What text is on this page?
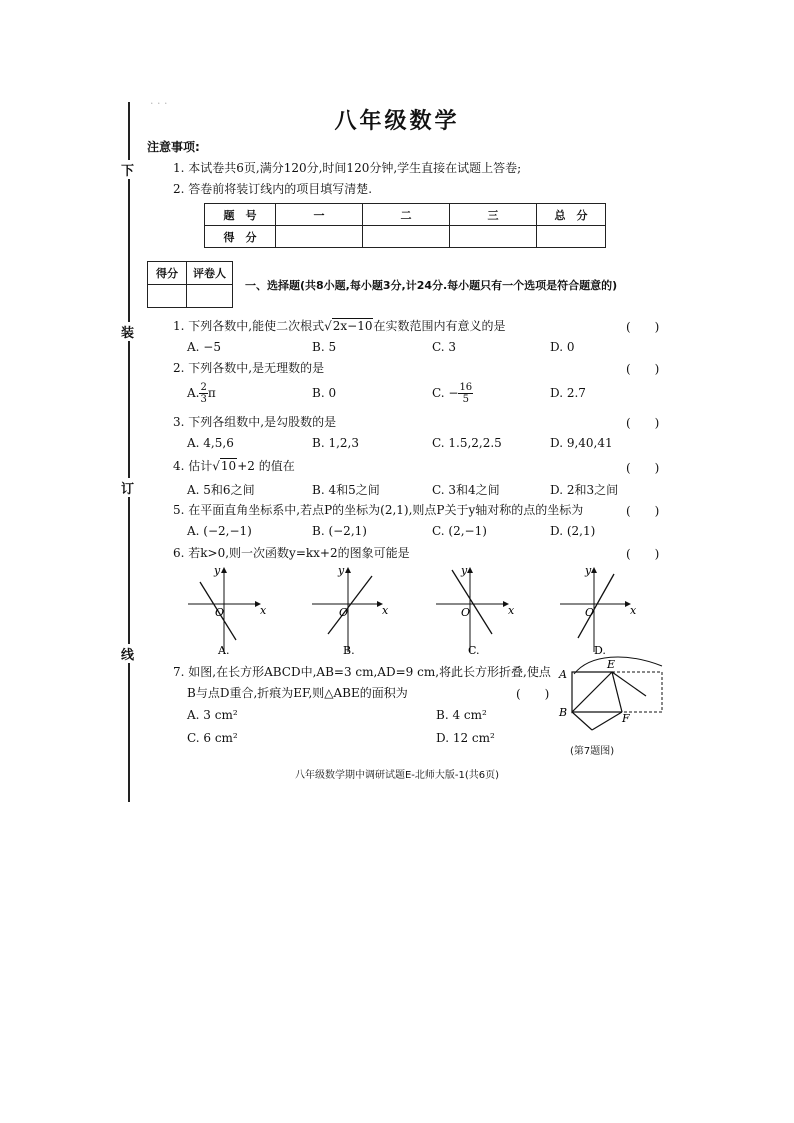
· · ·
下
装
订
线
八年级数学
注意事项:
1. 本试卷共6页,满分120分,时间120分钟,学生直接在试题上答卷;
2. 答卷前将装订线内的项目填写清楚.
题　号	一	二	三	总　分
得　分				
得分	评卷人

一、选择题(共8小题,每小题3分,计24分.每小题只有一个选项是符合题意的)
1. 下列各数中,能使二次根式√2x−10在实数范围内有意义的是	(　　)
A. −5	B. 5	C. 3	D. 0
2. 下列各数中,是无理数的是	(　　)
A. $\frac{2}{3}$ π	B. 0	C. − $\frac{16}{5}$	D. 2.7
3. 下列各组数中,是勾股数的是	(　　)
A. 4,5,6	B. 1,2,3	C. 1.5,2,2.5	D. 9,40,41
4. 估计√10+2 的值在	(　　)
A. 5和6之间	B. 4和5之间	C. 3和4之间	D. 2和3之间
5. 在平面直角坐标系中,若点P的坐标为(2,1),则点P关于y轴对称的点的坐标为	(　　)
A. (−2,−1)	B. (−2,1)	C. (2,−1)	D. (2,1)
6. 若k>0,则一次函数y=kx+2的图象可能是	(　　)
y
x
O
A.
y
x
O
B.
y
x
O
C.
y
x
O
D.
7. 如图,在长方形ABCD中,AB=3 cm,AD=9 cm,将此长方形折叠,使点
B与点D重合,折痕为EF,则△ABE的面积为	(　　)
A. 3 cm²	B. 4 cm²
C. 6 cm²	D. 12 cm²
A
E
B	F
(第7题图)
八年级数学期中调研试题E-北师大版-1(共6页)
